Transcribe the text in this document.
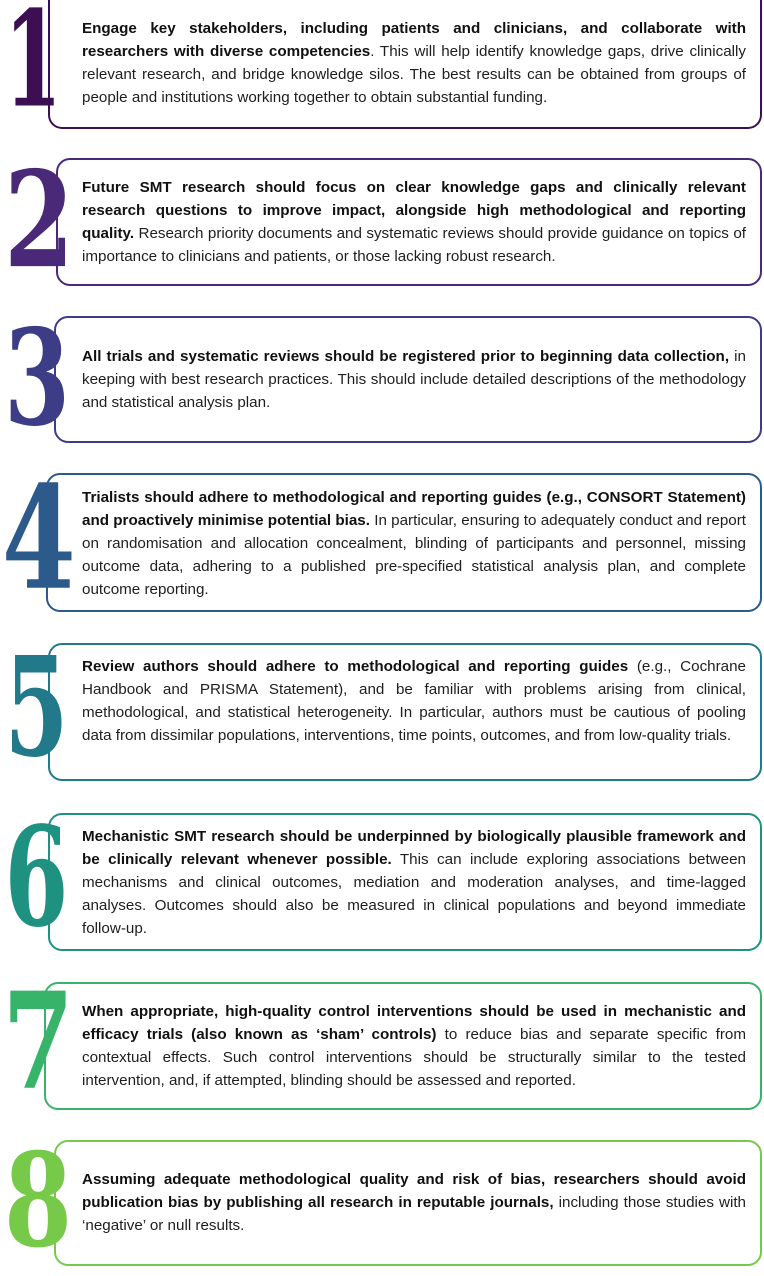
1 Engage key stakeholders, including patients and clinicians, and collaborate with researchers with diverse competencies. This will help identify knowledge gaps, drive clinically relevant research, and bridge knowledge silos. The best results can be obtained from groups of people and institutions working together to obtain substantial funding.

2 Future SMT research should focus on clear knowledge gaps and clinically relevant research questions to improve impact, alongside high methodological and reporting quality. Research priority documents and systematic reviews should provide guidance on topics of importance to clinicians and patients, or those lacking robust research.

3 All trials and systematic reviews should be registered prior to beginning data collection, in keeping with best research practices. This should include detailed descriptions of the methodology and statistical analysis plan.

4 Trialists should adhere to methodological and reporting guides (e.g., CONSORT Statement) and proactively minimise potential bias. In particular, ensuring to adequately conduct and report on randomisation and allocation concealment, blinding of participants and personnel, missing outcome data, adhering to a published pre-specified statistical analysis plan, and complete outcome reporting.

5 Review authors should adhere to methodological and reporting guides (e.g., Cochrane Handbook and PRISMA Statement), and be familiar with problems arising from clinical, methodological, and statistical heterogeneity. In particular, authors must be cautious of pooling data from dissimilar populations, interventions, time points, outcomes, and from low-quality trials.

6 Mechanistic SMT research should be underpinned by biologically plausible framework and be clinically relevant whenever possible. This can include exploring associations between mechanisms and clinical outcomes, mediation and moderation analyses, and time-lagged analyses. Outcomes should also be measured in clinical populations and beyond immediate follow-up.

7 When appropriate, high-quality control interventions should be used in mechanistic and efficacy trials (also known as ‘sham’ controls) to reduce bias and separate specific from contextual effects. Such control interventions should be structurally similar to the tested intervention, and, if attempted, blinding should be assessed and reported.

8 Assuming adequate methodological quality and risk of bias, researchers should avoid publication bias by publishing all research in reputable journals, including those studies with ‘negative’ or null results.
